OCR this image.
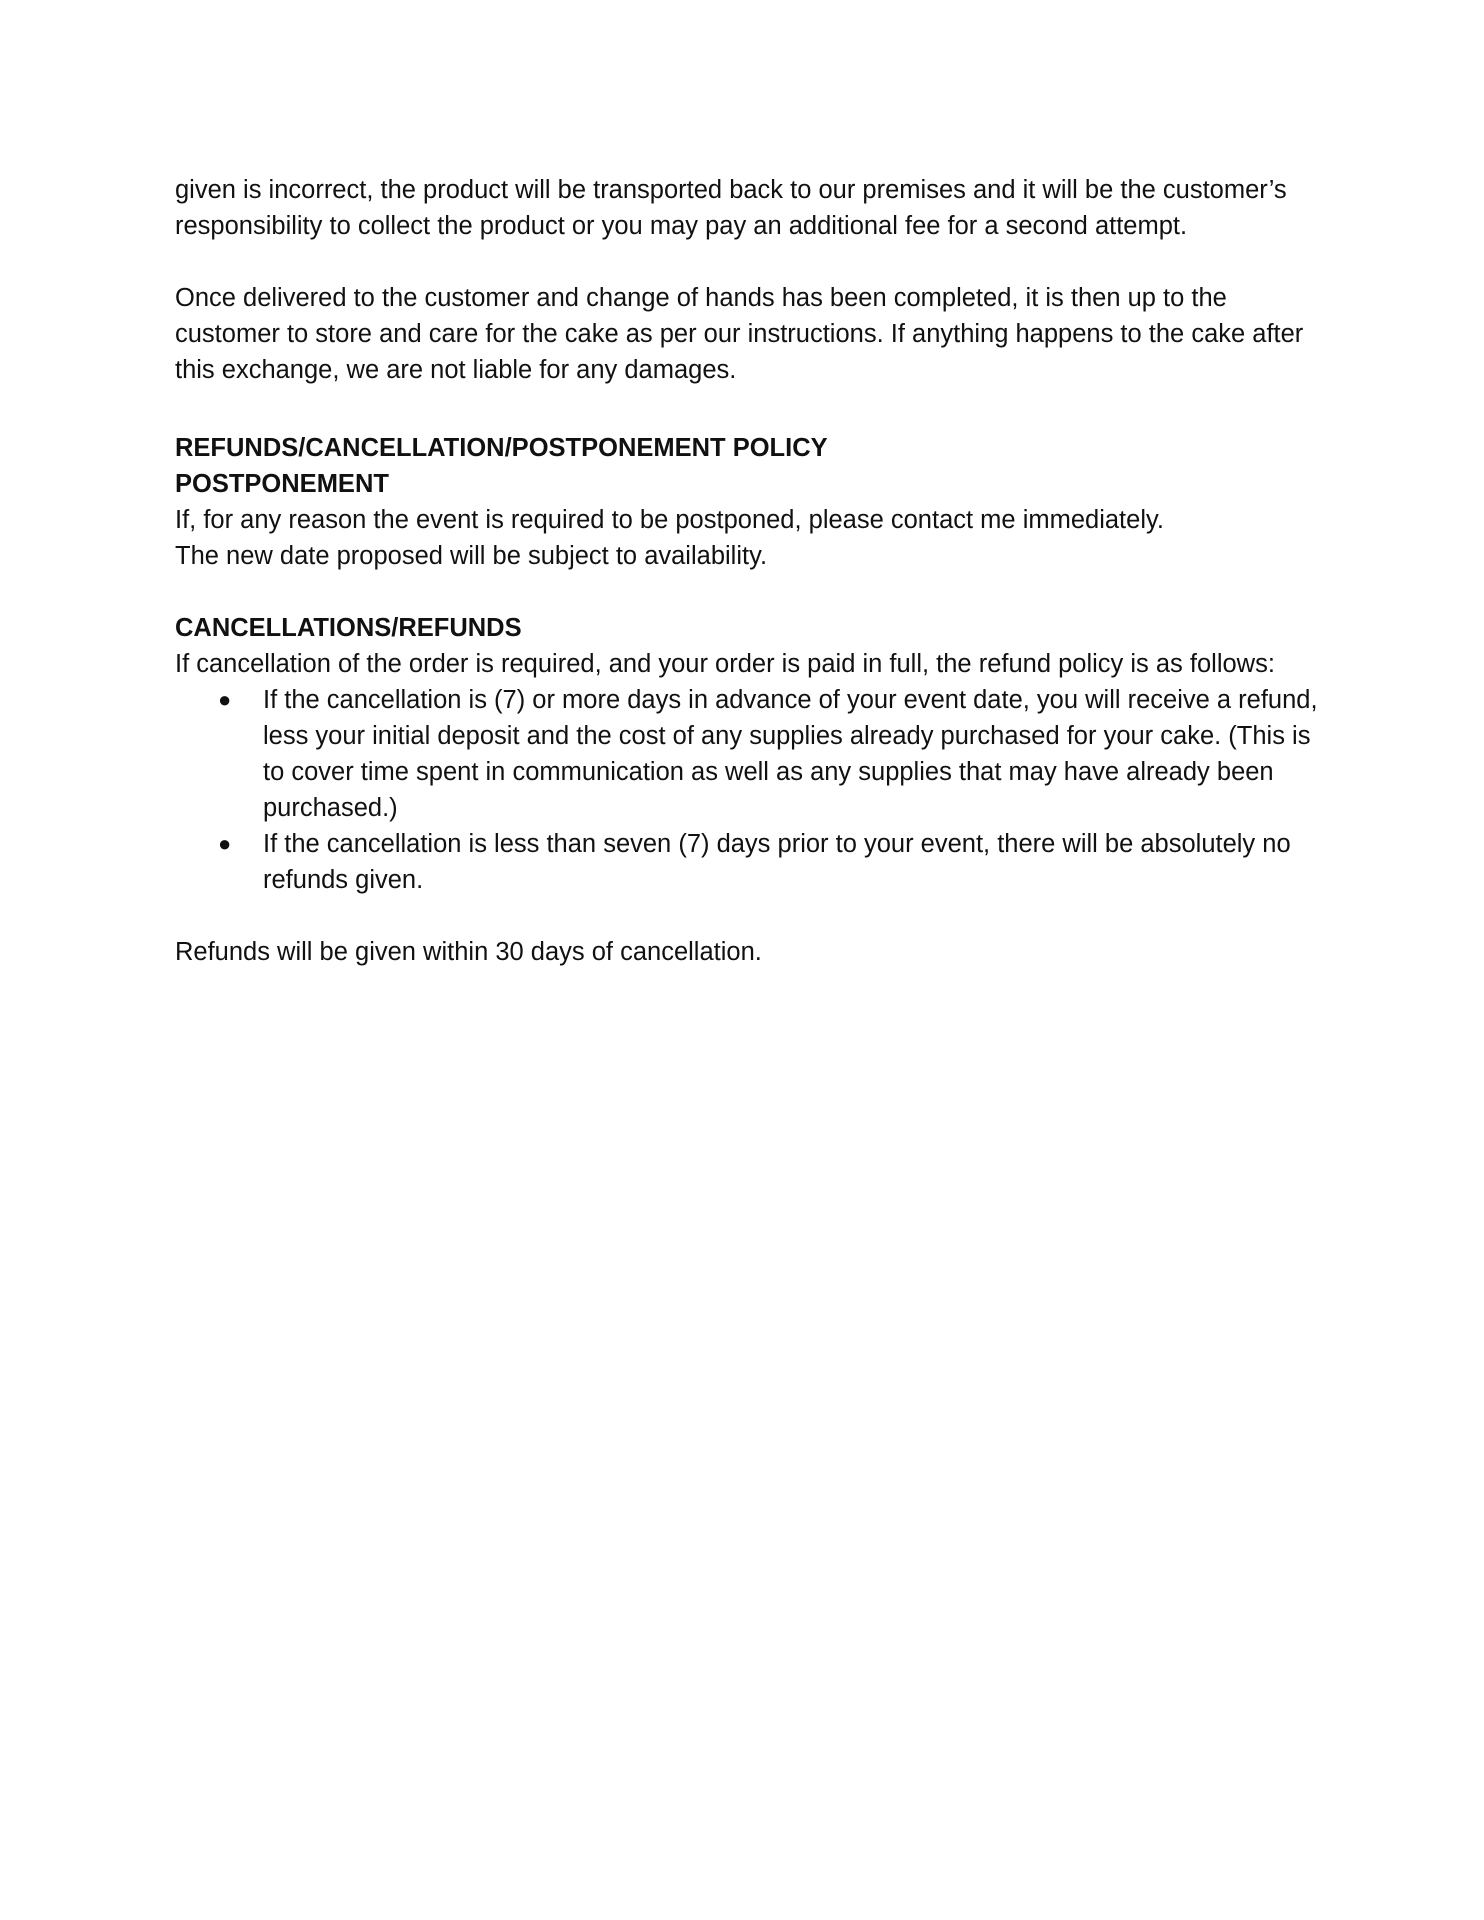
given is incorrect, the product will be transported back to our premises and it will be the customer’s responsibility to collect the product or you may pay an additional fee for a second attempt.

Once delivered to the customer and change of hands has been completed, it is then up to the customer to store and care for the cake as per our instructions. If anything happens to the cake after this exchange, we are not liable for any damages.

REFUNDS/CANCELLATION/POSTPONEMENT POLICY

POSTPONEMENT

If, for any reason the event is required to be postponed, please contact me immediately.

The new date proposed will be subject to availability.

CANCELLATIONS/REFUNDS

If cancellation of the order is required, and your order is paid in full, the refund policy is as follows:

● If the cancellation is (7) or more days in advance of your event date, you will receive a refund, less your initial deposit and the cost of any supplies already purchased for your cake. (This is to cover time spent in communication as well as any supplies that may have already been purchased.)
● If the cancellation is less than seven (7) days prior to your event, there will be absolutely no refunds given.

Refunds will be given within 30 days of cancellation.
